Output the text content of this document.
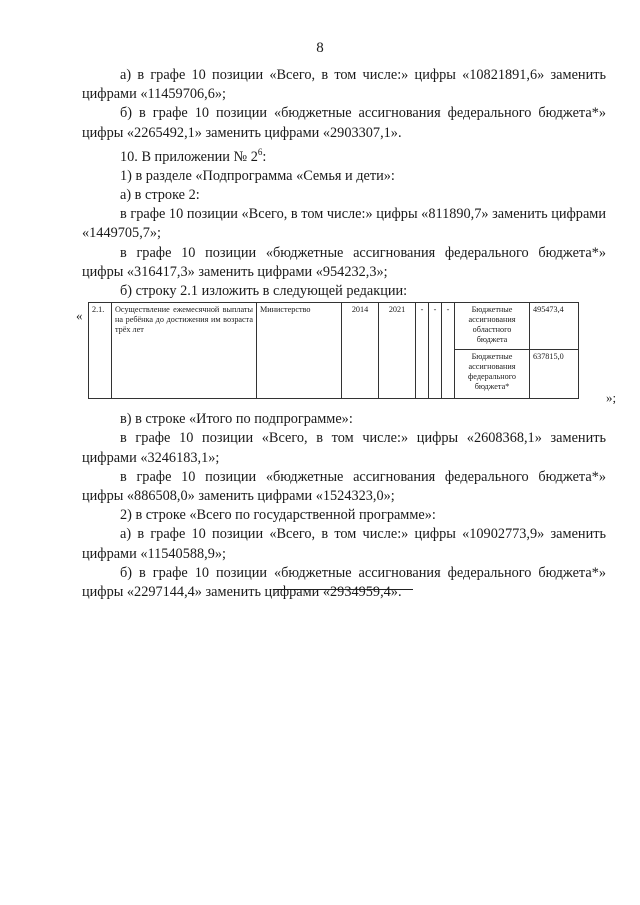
8

а) в графе 10 позиции «Всего, в том числе:» цифры «10821891,6» заменить цифрами «11459706,6»;

б) в графе 10 позиции «бюджетные ассигнования федерального бюджета*» цифры «2265492,1» заменить цифрами «2903307,1».

10. В приложении № $2^6$:

1) в разделе «Подпрограмма «Семья и дети»:

а) в строке 2:

в графе 10 позиции «Всего, в том числе:» цифры «811890,7» заменить цифрами «1449705,7»;

в графе 10 позиции «бюджетные ассигнования федерального бюджета*» цифры «316417,3» заменить цифрами «954232,3»;

б) строку 2.1 изложить в следующей редакции:

« 2.1.	Осуществление ежемесячной выплаты на ребёнка до достижения им возраста трёх лет	Министерство	2014	2021	-	-	-	Бюджетные ассигнования областного бюджета	495473,4
								Бюджетные ассигнования федерального бюджета*	637815,0
»;

в) в строке «Итого по подпрограмме»:

в графе 10 позиции «Всего, в том числе:» цифры «2608368,1» заменить цифрами «3246183,1»;

в графе 10 позиции «бюджетные ассигнования федерального бюджета*» цифры «886508,0» заменить цифрами «1524323,0»;

2) в строке «Всего по государственной программе»:

а) в графе 10 позиции «Всего, в том числе:» цифры «10902773,9» заменить цифрами «11540588,9»;

б) в графе 10 позиции «бюджетные ассигнования федерального бюджета*» цифры «2297144,4» заменить цифрами «2934959,4».
